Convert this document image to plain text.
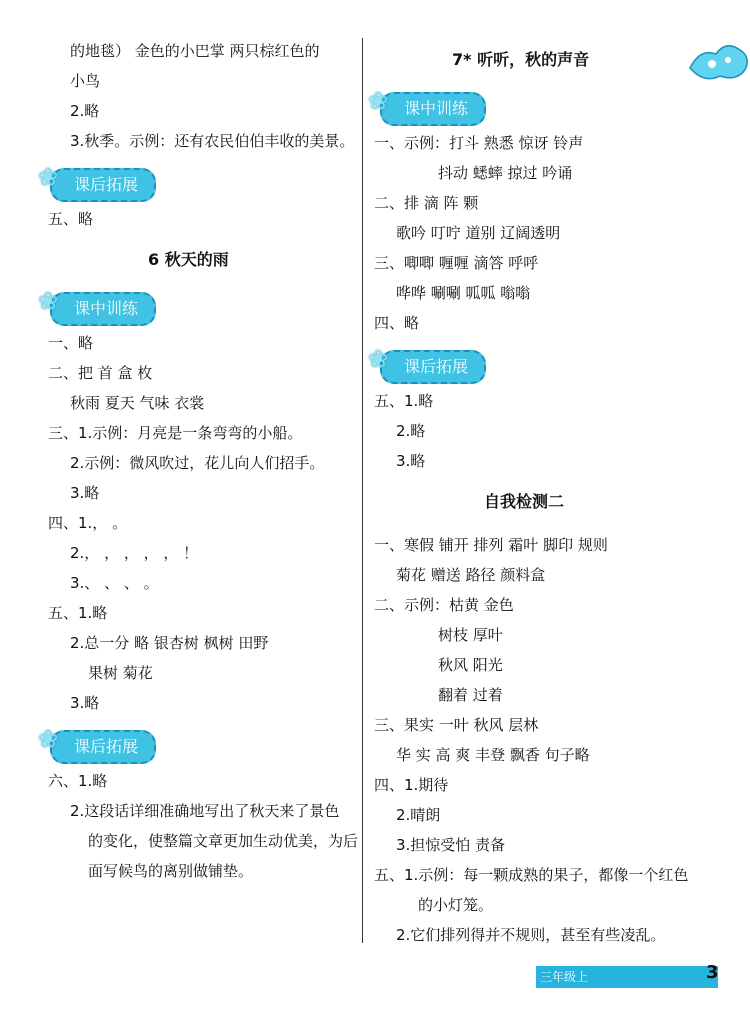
的地毯） 金色的小巴掌 两只棕红色的
小鸟
2.略
3.秋季。示例：还有农民伯伯丰收的美景。
❀ 课后拓展
五、略
6 秋天的雨
❀ 课中训练
一、略
二、把 首 盒 枚
秋雨 夏天 气味 衣裳
三、1.示例：月亮是一条弯弯的小船。
2.示例：微风吹过，花儿向人们招手。
3.略
四、1.， 。
2.， ， ， ， ， ！
3.、 、 、 。
五、1.略
2.总一分 略 银杏树 枫树 田野
果树 菊花
3.略
❀ 课后拓展
六、1.略
2.这段话详细准确地写出了秋天来了景色
的变化，使整篇文章更加生动优美，为后
面写候鸟的离别做铺垫。
7* 听听，秋的声音
❀ 课中训练
一、示例：打斗 熟悉 惊讶 铃声
抖动 蟋蟀 掠过 吟诵
二、排 滴 阵 颗
歌吟 叮咛 道别 辽阔透明
三、唧唧 喱喱 滴答 呼呼
哗哗 唰唰 呱呱 嗡嗡
四、略
❀ 课后拓展
五、1.略
2.略
3.略
自我检测二
一、寒假 铺开 排列 霜叶 脚印 规则
菊花 赠送 路径 颜料盒
二、示例：枯黄 金色
树枝 厚叶
秋风 阳光
翻着 过着
三、果实 一叶 秋风 层林
华 实 高 爽 丰登 飘香 句子略
四、1.期待
2.晴朗
3.担惊受怕 责备
五、1.示例：每一颗成熟的果子，都像一个红色
的小灯笼。
2.它们排列得并不规则，甚至有些凌乱。
三年级上	3
